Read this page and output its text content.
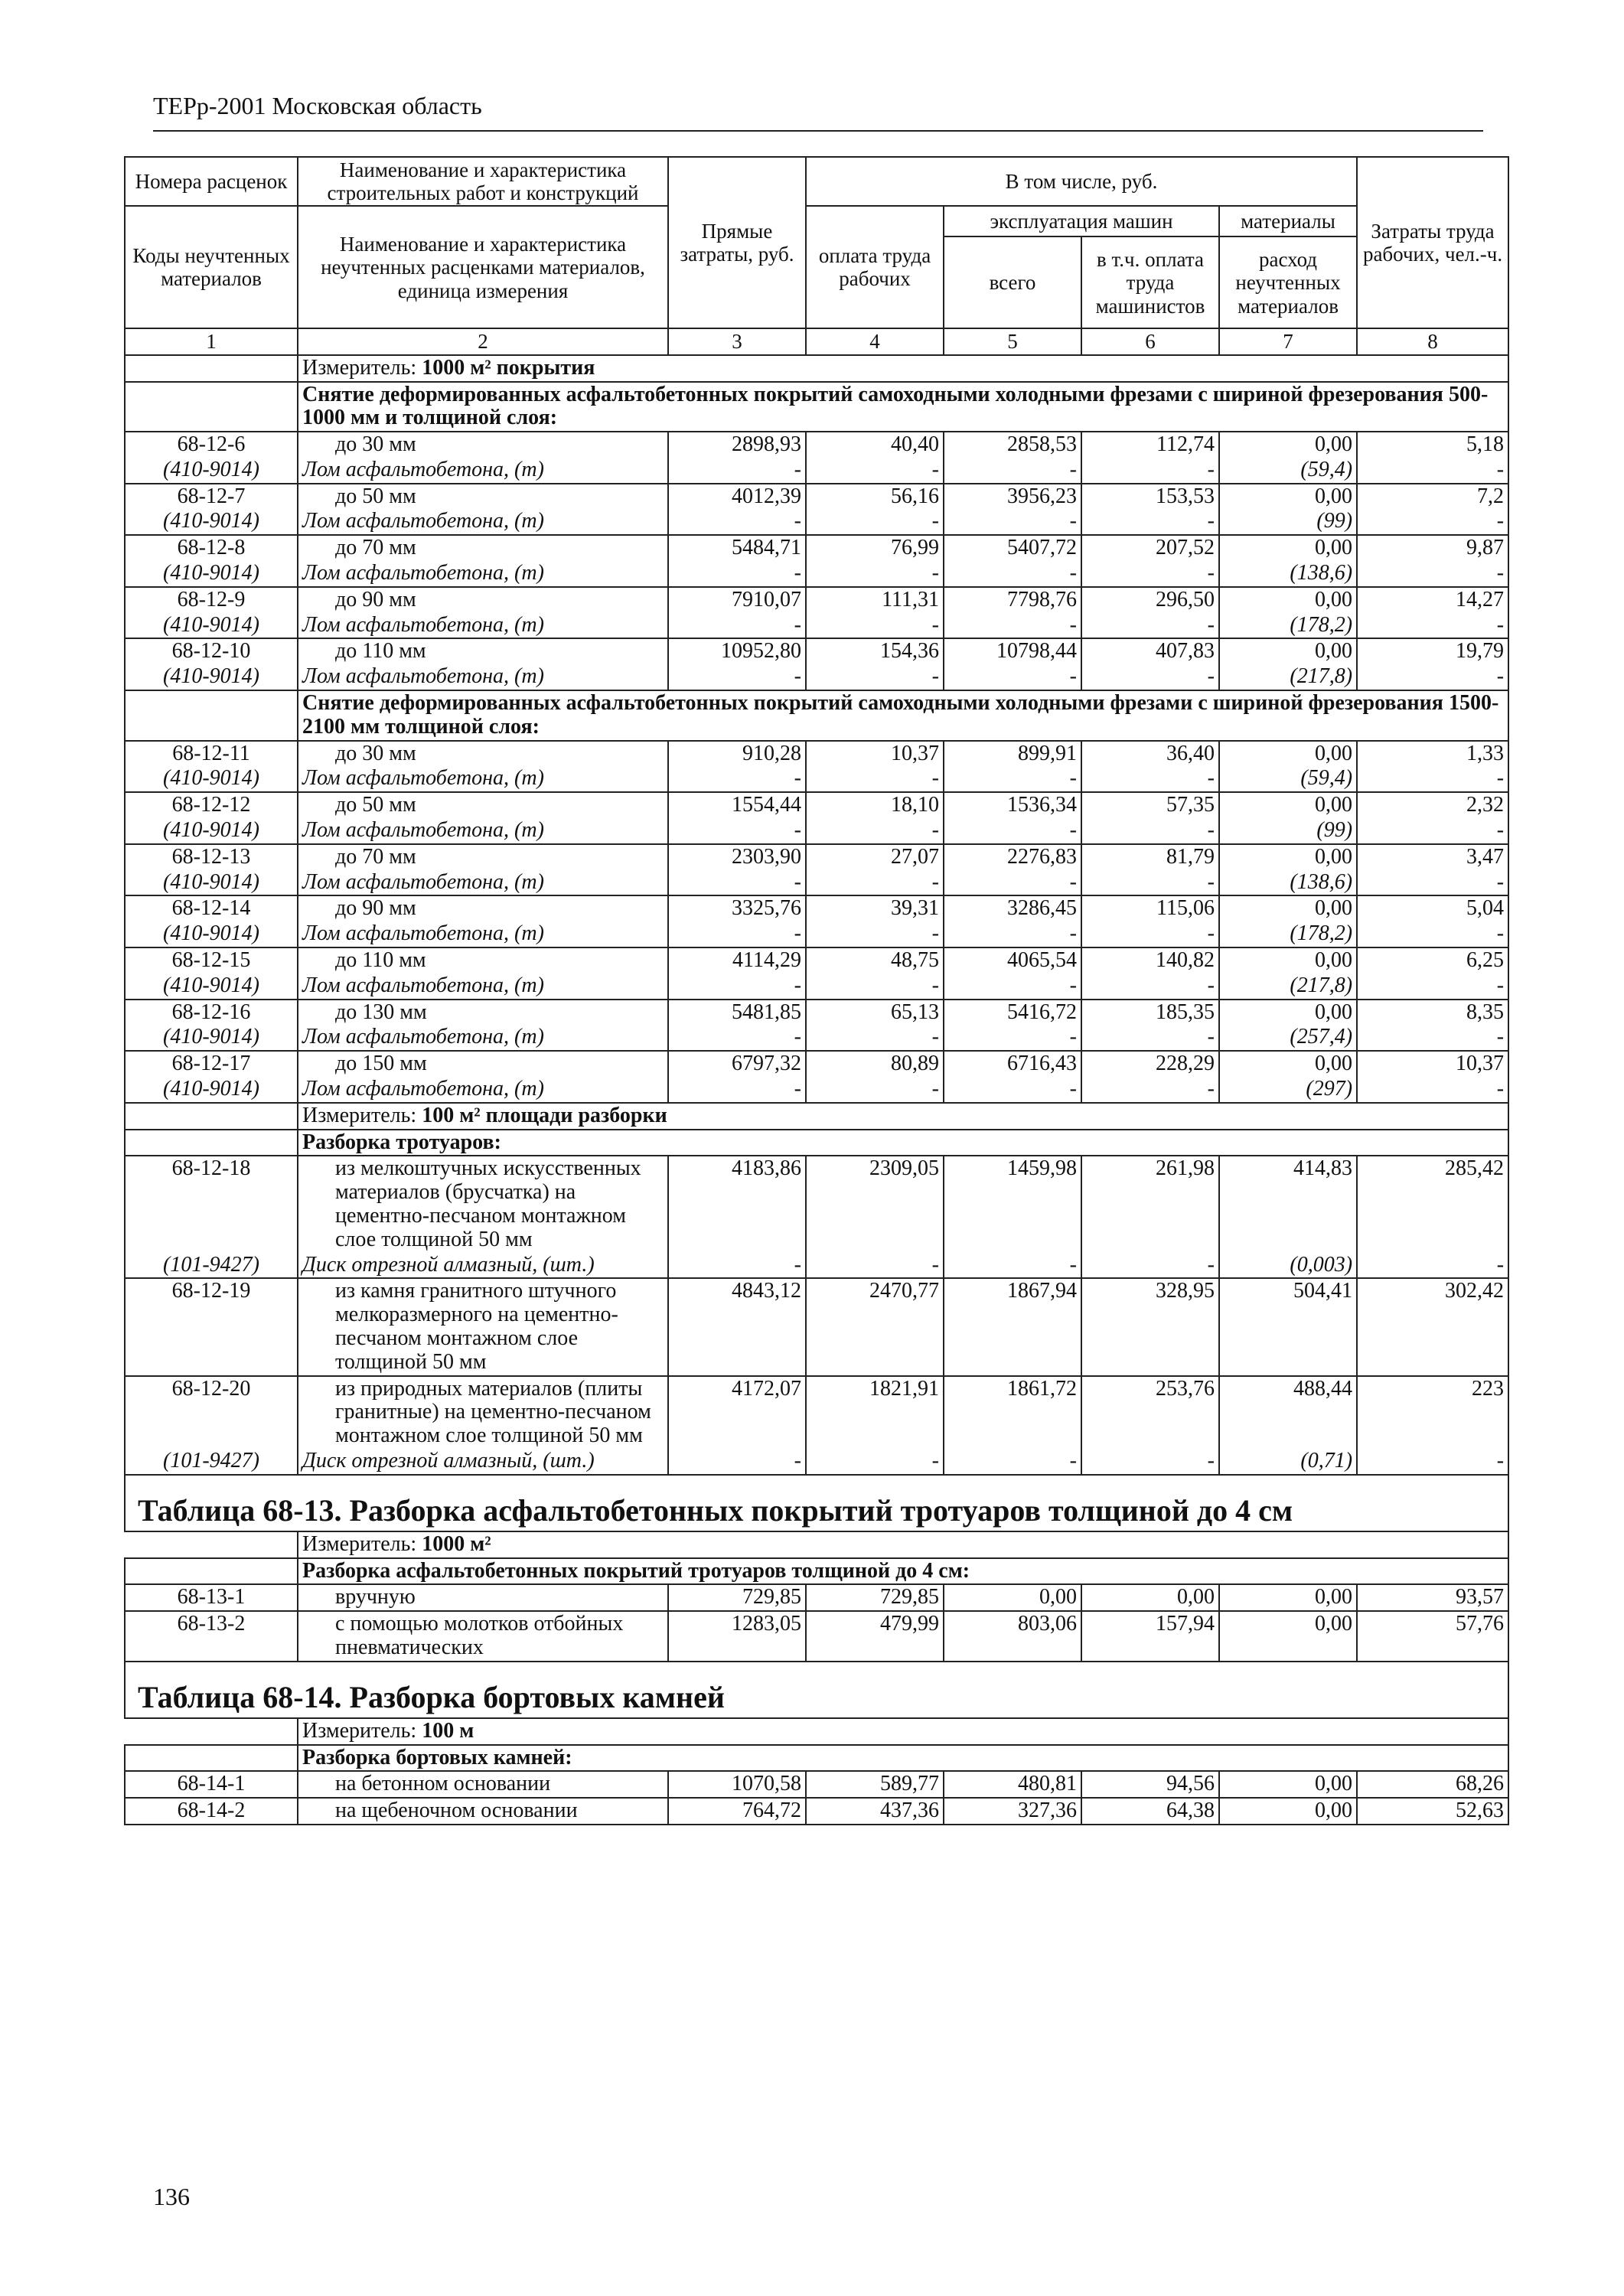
ТЕРр-2001 Московская область
Номера расценок	Наименование и характеристика строительных работ и конструкций	Прямые затраты, руб.	В том числе, руб.				Затраты труда рабочих, чел.-ч.
Коды неучтенных материалов	Наименование и характеристика неучтенных расценками материалов, единица измерения		оплата труда рабочих	эксплуатация машин		материалы	
				всего	в т.ч. оплата труда машинистов	расход неучтенных материалов	
1	2	3	4	5	6	7	8
	Измеритель: 1000 м² покрытия						
	Снятие деформированных асфальтобетонных покрытий самоходными холодными фрезами с шириной фрезерования 500-1000 мм и толщиной слоя:						
68-12-6	до 30 мм	2898,93	40,40	2858,53	112,74	0,00	5,18
(410-9014)	Лом асфальтобетона, (т)	-	-	-	-	(59,4)	-
68-12-7	до 50 мм	4012,39	56,16	3956,23	153,53	0,00	7,2
(410-9014)	Лом асфальтобетона, (т)	-	-	-	-	(99)	-
68-12-8	до 70 мм	5484,71	76,99	5407,72	207,52	0,00	9,87
(410-9014)	Лом асфальтобетона, (т)	-	-	-	-	(138,6)	-
68-12-9	до 90 мм	7910,07	111,31	7798,76	296,50	0,00	14,27
(410-9014)	Лом асфальтобетона, (т)	-	-	-	-	(178,2)	-
68-12-10	до 110 мм	10952,80	154,36	10798,44	407,83	0,00	19,79
(410-9014)	Лом асфальтобетона, (т)	-	-	-	-	(217,8)	-
	Снятие деформированных асфальтобетонных покрытий самоходными холодными фрезами с шириной фрезерования 1500-2100 мм толщиной слоя:						
68-12-11	до 30 мм	910,28	10,37	899,91	36,40	0,00	1,33
(410-9014)	Лом асфальтобетона, (т)	-	-	-	-	(59,4)	-
68-12-12	до 50 мм	1554,44	18,10	1536,34	57,35	0,00	2,32
(410-9014)	Лом асфальтобетона, (т)	-	-	-	-	(99)	-
68-12-13	до 70 мм	2303,90	27,07	2276,83	81,79	0,00	3,47
(410-9014)	Лом асфальтобетона, (т)	-	-	-	-	(138,6)	-
68-12-14	до 90 мм	3325,76	39,31	3286,45	115,06	0,00	5,04
(410-9014)	Лом асфальтобетона, (т)	-	-	-	-	(178,2)	-
68-12-15	до 110 мм	4114,29	48,75	4065,54	140,82	0,00	6,25
(410-9014)	Лом асфальтобетона, (т)	-	-	-	-	(217,8)	-
68-12-16	до 130 мм	5481,85	65,13	5416,72	185,35	0,00	8,35
(410-9014)	Лом асфальтобетона, (т)	-	-	-	-	(257,4)	-
68-12-17	до 150 мм	6797,32	80,89	6716,43	228,29	0,00	10,37
(410-9014)	Лом асфальтобетона, (т)	-	-	-	-	(297)	-
	Измеритель: 100 м² площади разборки						
	Разборка тротуаров:						
68-12-18	из мелкоштучных искусственных материалов (брусчатка) на цементно-песчаном монтажном слое толщиной 50 мм	4183,86	2309,05	1459,98	261,98	414,83	285,42
(101-9427)	Диск отрезной алмазный, (шт.)	-	-	-	-	(0,003)	-
68-12-19	из камня гранитного штучного мелкоразмерного на цементно-песчаном монтажном слое толщиной 50 мм	4843,12	2470,77	1867,94	328,95	504,41	302,42
68-12-20	из природных материалов (плиты гранитные) на цементно-песчаном монтажном слое толщиной 50 мм	4172,07	1821,91	1861,72	253,76	488,44	223
(101-9427)	Диск отрезной алмазный, (шт.)	-	-	-	-	(0,71)	-
Таблица 68-13. Разборка асфальтобетонных покрытий тротуаров толщиной до 4 см							
	Измеритель: 1000 м²						
	Разборка асфальтобетонных покрытий тротуаров толщиной до 4 см:						
68-13-1	вручную	729,85	729,85	0,00	0,00	0,00	93,57
68-13-2	с помощью молотков отбойных пневматических	1283,05	479,99	803,06	157,94	0,00	57,76
Таблица 68-14. Разборка бортовых камней							
	Измеритель: 100 м						
	Разборка бортовых камней:						
68-14-1	на бетонном основании	1070,58	589,77	480,81	94,56	0,00	68,26
68-14-2	на щебеночном основании	764,72	437,36	327,36	64,38	0,00	52,63
136
